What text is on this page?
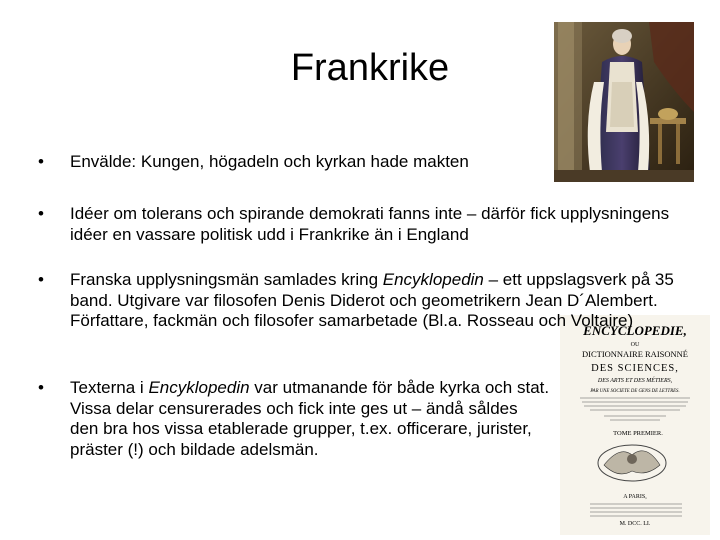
Frankrike
ENCYCLOPEDIE,
OU
DICTIONNAIRE RAISONNÉ
DES SCIENCES,
DES ARTS ET DES MÉTIERS,
PAR UNE SOCIETE DE GENS DE LETTRES.
TOME PREMIER.
A PARIS,
M. DCC. LI.
•	Envälde: Kungen, högadeln och kyrkan hade makten
•	Idéer om tolerans och spirande demokrati fanns inte – därför fick upplysningens idéer en vassare politisk udd i Frankrike än i England
•	Franska upplysningsmän samlades kring Encyklopedin – ett uppslagsverk på 35 band. Utgivare var filosofen Denis Diderot och geometrikern Jean D´Alembert. Författare, fackmän och filosofer samarbetade (Bl.a. Rosseau och Voltaire)
•	Texterna i Encyklopedin var utmanande för både kyrka och stat. Vissa delar censurerades och fick inte ges ut – ändå såldes den bra hos vissa etablerade grupper, t.ex. officerare, jurister, präster (!) och bildade adelsmän.
